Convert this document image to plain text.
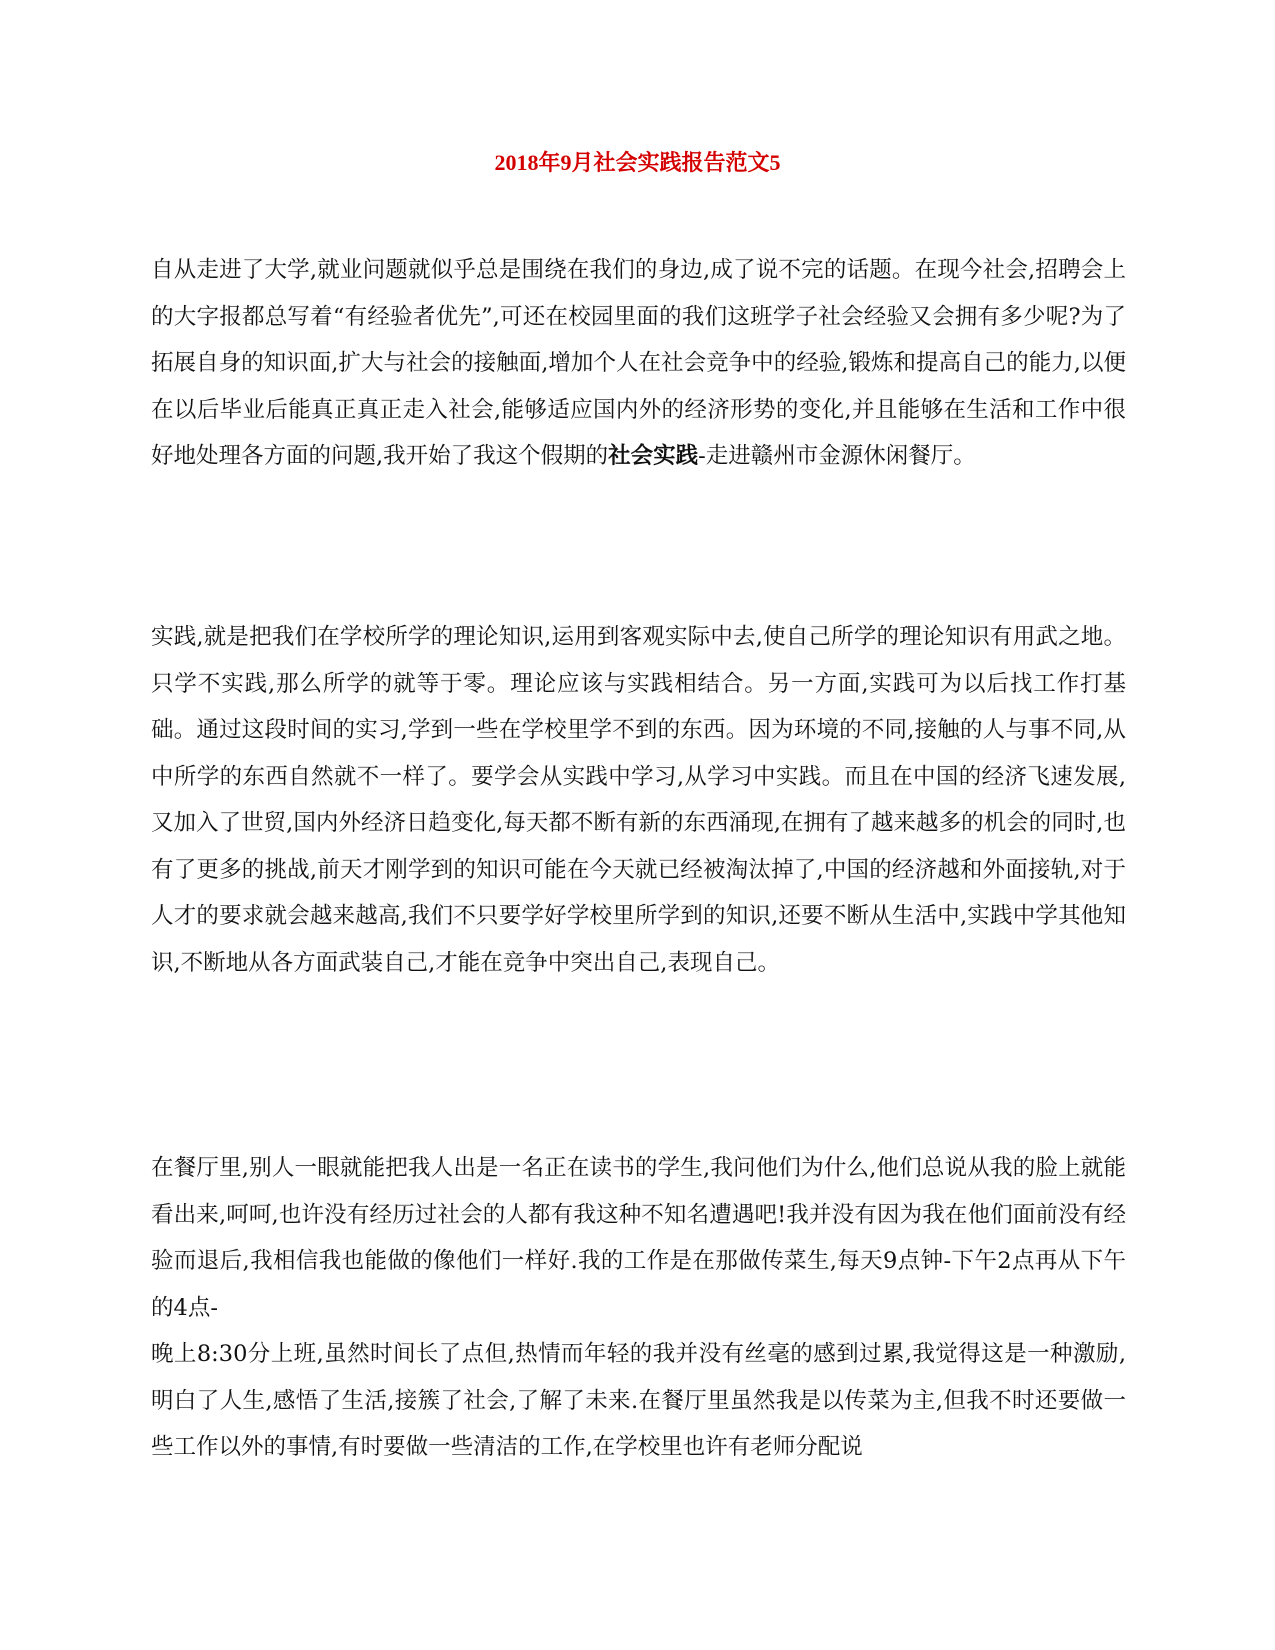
2018年9月社会实践报告范文5

自从走进了大学,就业问题就似乎总是围绕在我们的身边,成了说不完的话题。在现今社会,招聘会上的大字报都总写着“有经验者优先”,可还在校园里面的我们这班学子社会经验又会拥有多少呢?为了拓展自身的知识面,扩大与社会的接触面,增加个人在社会竞争中的经验,锻炼和提高自己的能力,以便在以后毕业后能真正真正走入社会,能够适应国内外的经济形势的变化,并且能够在生活和工作中很好地处理各方面的问题,我开始了我这个假期的社会实践-走进赣州市金源休闲餐厅。

实践,就是把我们在学校所学的理论知识,运用到客观实际中去,使自己所学的理论知识有用武之地。只学不实践,那么所学的就等于零。理论应该与实践相结合。另一方面,实践可为以后找工作打基础。通过这段时间的实习,学到一些在学校里学不到的东西。因为环境的不同,接触的人与事不同,从中所学的东西自然就不一样了。要学会从实践中学习,从学习中实践。而且在中国的经济飞速发展,又加入了世贸,国内外经济日趋变化,每天都不断有新的东西涌现,在拥有了越来越多的机会的同时,也有了更多的挑战,前天才刚学到的知识可能在今天就已经被淘汰掉了,中国的经济越和外面接轨,对于人才的要求就会越来越高,我们不只要学好学校里所学到的知识,还要不断从生活中,实践中学其他知识,不断地从各方面武装自己,才能在竞争中突出自己,表现自己。

在餐厅里,别人一眼就能把我人出是一名正在读书的学生,我问他们为什么,他们总说从我的脸上就能看出来,呵呵,也许没有经历过社会的人都有我这种不知名遭遇吧!我并没有因为我在他们面前没有经验而退后,我相信我也能做的像他们一样好.我的工作是在那做传菜生,每天9点钟-下午2点再从下午的4点-
晚上8:30分上班,虽然时间长了点但,热情而年轻的我并没有丝毫的感到过累,我觉得这是一种激励,明白了人生,感悟了生活,接簇了社会,了解了未来.在餐厅里虽然我是以传菜为主,但我不时还要做一些工作以外的事情,有时要做一些清洁的工作,在学校里也许有老师分配说
